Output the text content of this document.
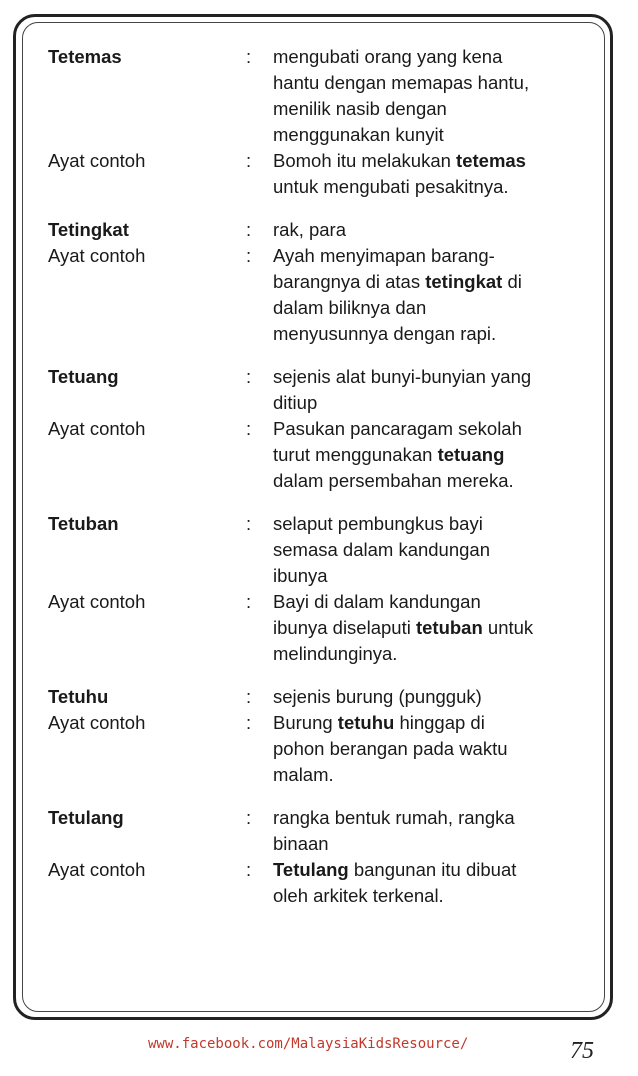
Tetemas	:	mengubati orang yang kena
hantu dengan memapas hantu,
menilik nasib dengan
menggunakan kunyit
Ayat contoh	:	Bomoh itu melakukan tetemas
untuk mengubati pesakitnya.
Tetingkat	:	rak, para
Ayat contoh	:	Ayah menyimapan barang-
barangnya di atas tetingkat di
dalam biliknya dan
menyusunnya dengan rapi.
Tetuang	:	sejenis alat bunyi-bunyian yang
ditiup
Ayat contoh	:	Pasukan pancaragam sekolah
turut menggunakan tetuang
dalam persembahan mereka.
Tetuban	:	selaput pembungkus bayi
semasa dalam kandungan
ibunya
Ayat contoh	:	Bayi di dalam kandungan
ibunya diselaputi tetuban untuk
melindunginya.
Tetuhu	:	sejenis burung (pungguk)
Ayat contoh	:	Burung tetuhu hinggap di
pohon berangan pada waktu
malam.
Tetulang	:	rangka bentuk rumah, rangka
binaan
Ayat contoh	:	Tetulang bangunan itu dibuat
oleh arkitek terkenal.
www.facebook.com/MalaysiaKidsResource/	75
